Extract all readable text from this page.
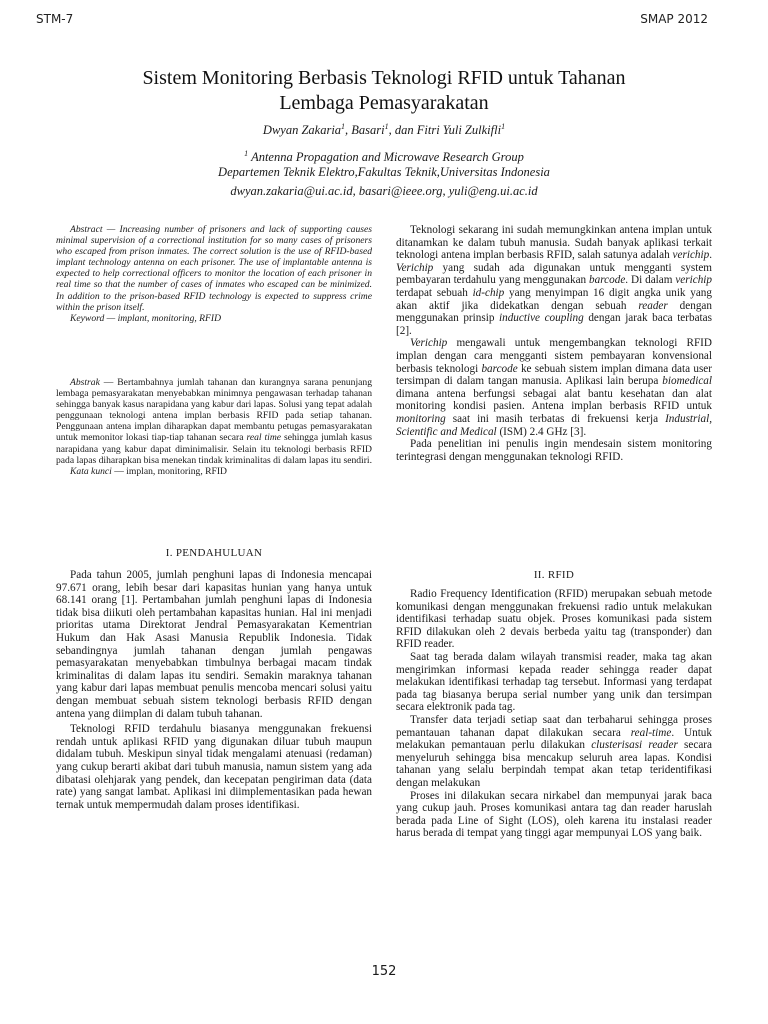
STM-7	SMAP 2012
Sistem Monitoring Berbasis Teknologi RFID untuk Tahanan
Lembaga Pemasyarakatan
Dwyan Zakaria$^1$, Basari$^1$, dan Fitri Yuli Zulkifli$^1$
$^1$ Antenna Propagation and Microwave Research Group
Departemen Teknik Elektro,Fakultas Teknik,Universitas Indonesia
dwyan.zakaria@ui.ac.id, basari@ieee.org, yuli@eng.ui.ac.id

Abstract — Increasing number of prisoners and lack of supporting causes minimal supervision of a correctional institution for so many cases of prisoners who escaped from prison inmates. The correct solution is the use of RFID-based implant technology antenna on each prisoner. The use of implantable antenna is expected to help correctional officers to monitor the location of each prisoner in real time so that the number of cases of inmates who escaped can be minimized. In addition to the prison-based RFID technology is expected to suppress crime within the prison itself.

Keyword — implant, monitoring, RFID

Abstrak — Bertambahnya jumlah tahanan dan kurangnya sarana penunjang lembaga pemasyarakatan menyebabkan minimnya pengawasan terhadap tahanan sehingga banyak kasus narapidana yang kabur dari lapas. Solusi yang tepat adalah penggunaan teknologi antena implan berbasis RFID pada setiap tahanan. Penggunaan antena implan diharapkan dapat membantu petugas pemasyarakatan untuk memonitor lokasi tiap-tiap tahanan secara real time sehingga jumlah kasus narapidana yang kabur dapat diminimalisir. Selain itu teknologi berbasis RFID pada lapas diharapkan bisa menekan tindak kriminalitas di dalam lapas itu sendiri.

Kata kunci — implan, monitoring, RFID

I. PENDAHULUAN

Pada tahun 2005, jumlah penghuni lapas di Indonesia mencapai 97.671 orang, lebih besar dari kapasitas hunian yang hanya untuk 68.141 orang [1]. Pertambahan jumlah penghuni lapas di Indonesia tidak bisa diikuti oleh pertambahan kapasitas hunian. Hal ini menjadi prioritas utama Direktorat Jendral Pemasyarakatan Kementrian Hukum dan Hak Asasi Manusia Republik Indonesia. Tidak sebandingnya jumlah tahanan dengan jumlah pengawas pemasyarakatan menyebabkan timbulnya berbagai macam tindak kriminalitas di dalam lapas itu sendiri. Semakin maraknya tahanan yang kabur dari lapas membuat penulis mencoba mencari solusi yaitu dengan membuat sebuah sistem teknologi berbasis RFID dengan antena yang diimplan di dalam tubuh tahanan.

Teknologi RFID terdahulu biasanya menggunakan frekuensi rendah untuk aplikasi RFID yang digunakan diluar tubuh maupun didalam tubuh. Meskipun sinyal tidak mengalami atenuasi (redaman) yang cukup berarti akibat dari tubuh manusia, namun sistem yang ada dibatasi olehjarak yang pendek, dan kecepatan pengiriman data (data rate) yang sangat lambat. Aplikasi ini diimplementasikan pada hewan ternak untuk mempermudah dalam proses identifikasi.

Teknologi sekarang ini sudah memungkinkan antena implan untuk ditanamkan ke dalam tubuh manusia. Sudah banyak aplikasi terkait teknologi antena implan berbasis RFID, salah satunya adalah verichip. Verichip yang sudah ada digunakan untuk mengganti system pembayaran terdahulu yang menggunakan barcode. Di dalam verichip terdapat sebuah id-chip yang menyimpan 16 digit angka unik yang akan aktif jika didekatkan dengan sebuah reader dengan menggunakan prinsip inductive coupling dengan jarak baca terbatas [2].

Verichip mengawali untuk mengembangkan teknologi RFID implan dengan cara mengganti sistem pembayaran konvensional berbasis teknologi barcode ke sebuah sistem implan dimana data user tersimpan di dalam tangan manusia. Aplikasi lain berupa biomedical dimana antena berfungsi sebagai alat bantu kesehatan dan alat monitoring kondisi pasien. Antena implan berbasis RFID untuk monitoring saat ini masih terbatas di frekuensi kerja Industrial, Scientific and Medical (ISM) 2.4 GHz [3].

Pada penelitian ini penulis ingin mendesain sistem monitoring terintegrasi dengan menggunakan teknologi RFID.

II. RFID

Radio Frequency Identification (RFID) merupakan sebuah metode komunikasi dengan menggunakan frekuensi radio untuk melakukan identifikasi terhadap suatu objek. Proses komunikasi pada sistem RFID dilakukan oleh 2 devais berbeda yaitu tag (transponder) dan RFID reader.

Saat tag berada dalam wilayah transmisi reader, maka tag akan mengirimkan informasi kepada reader sehingga reader dapat melakukan identifikasi terhadap tag tersebut. Informasi yang terdapat pada tag biasanya berupa serial number yang unik dan tersimpan secara elektronik pada tag.

Transfer data terjadi setiap saat dan terbaharui sehingga proses pemantauan tahanan dapat dilakukan secara real-time. Untuk melakukan pemantauan perlu dilakukan clusterisasi reader secara menyeluruh sehingga bisa mencakup seluruh area lapas. Kondisi tahanan yang selalu berpindah tempat akan tetap teridentifikasi dengan melakukan

Proses ini dilakukan secara nirkabel dan mempunyai jarak baca yang cukup jauh. Proses komunikasi antara tag dan reader haruslah berada pada Line of Sight (LOS), oleh karena itu instalasi reader harus berada di tempat yang tinggi agar mempunyai LOS yang baik.

152
